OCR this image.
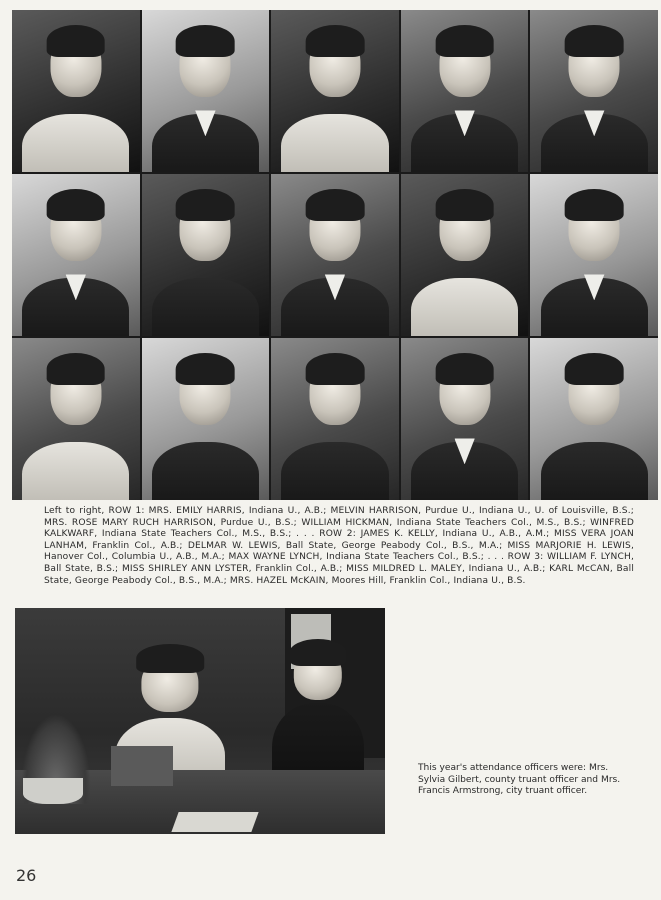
Left to right, ROW 1: MRS. EMILY HARRIS, Indiana U., A.B.; MELVIN HARRISON, Purdue U., Indiana U., U. of Louisville, B.S.; MRS. ROSE MARY RUCH HARRISON, Purdue U., B.S.; WILLIAM HICKMAN, Indiana State Teachers Col., M.S., B.S.; WINFRED KALKWARF, Indiana State Teachers Col., M.S., B.S.; . . . ROW 2: JAMES K. KELLY, Indiana U., A.B., A.M.; MISS VERA JOAN LANHAM, Franklin Col., A.B.; DELMAR W. LEWIS, Ball State, George Peabody Col., B.S., M.A.; MISS MARJORIE H. LEWIS, Hanover Col., Columbia U., A.B., M.A.; MAX WAYNE LYNCH, Indiana State Teachers Col., B.S.; . . . ROW 3: WILLIAM F. LYNCH, Ball State, B.S.; MISS SHIRLEY ANN LYSTER, Franklin Col., A.B.; MISS MILDRED L. MALEY, Indiana U., A.B.; KARL McCAN, Ball State, George Peabody Col., B.S., M.A.; MRS. HAZEL McKAIN, Moores Hill, Franklin Col., Indiana U., B.S.
This year's attendance officers were: Mrs. Sylvia Gilbert, county truant officer and Mrs. Francis Armstrong, city truant officer.
26
